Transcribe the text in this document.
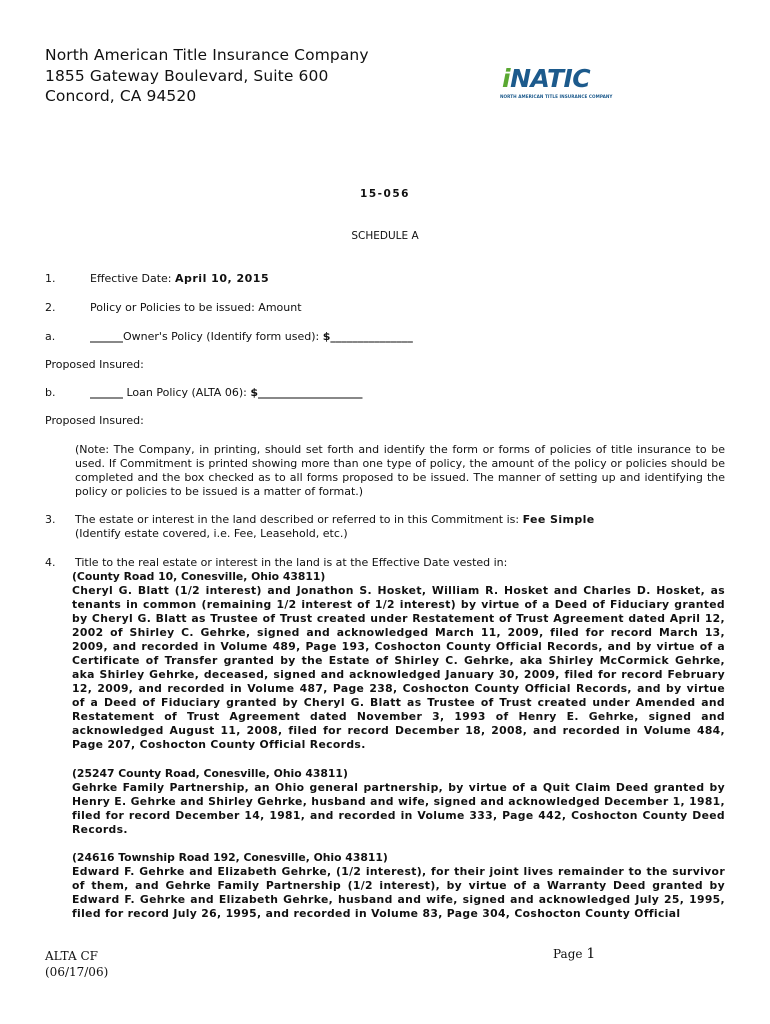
North American Title Insurance Company
1855 Gateway Boulevard, Suite 600
Concord, CA 94520
iNATIC
NORTH AMERICAN TITLE INSURANCE COMPANY
15-056
SCHEDULE A
1.	Effective Date: April 10, 2015
2.	Policy or Policies to be issued: Amount
a.	______Owner's Policy (Identify form used): $_______________
Proposed Insured:
b.	______ Loan Policy (ALTA 06): $___________________
Proposed Insured:

(Note: The Company, in printing, should set forth and identify the form or forms of policies of title insurance to be used. If Commitment is printed showing more than one type of policy, the amount of the policy or policies should be completed and the box checked as to all forms proposed to be issued. The manner of setting up and identifying the policy or policies to be issued is a matter of format.)

3. The estate or interest in the land described or referred to in this Commitment is: Fee Simple
(Identify estate covered, i.e. Fee, Leasehold, etc.)
4. Title to the real estate or interest in the land is at the Effective Date vested in:
(County Road 10, Conesville, Ohio 43811)
Cheryl G. Blatt (1/2 interest) and Jonathon S. Hosket, William R. Hosket and Charles D. Hosket, as tenants in common (remaining 1/2 interest of 1/2 interest) by virtue of a Deed of Fiduciary granted by Cheryl G. Blatt as Trustee of Trust created under Restatement of Trust Agreement dated April 12, 2002 of Shirley C. Gehrke, signed and acknowledged March 11, 2009, filed for record March 13, 2009, and recorded in Volume 489, Page 193, Coshocton County Official Records, and by virtue of a Certificate of Transfer granted by the Estate of Shirley C. Gehrke, aka Shirley McCormick Gehrke, aka Shirley Gehrke, deceased, signed and acknowledged January 30, 2009, filed for record February 12, 2009, and recorded in Volume 487, Page 238, Coshocton County Official Records, and by virtue of a Deed of Fiduciary granted by Cheryl G. Blatt as Trustee of Trust created under Amended and Restatement of Trust Agreement dated November 3, 1993 of Henry E. Gehrke, signed and acknowledged August 11, 2008, filed for record December 18, 2008, and recorded in Volume 484, Page 207, Coshocton County Official Records.
(25247 County Road, Conesville, Ohio 43811)
Gehrke Family Partnership, an Ohio general partnership, by virtue of a Quit Claim Deed granted by Henry E. Gehrke and Shirley Gehrke, husband and wife, signed and acknowledged December 1, 1981, filed for record December 14, 1981, and recorded in Volume 333, Page 442, Coshocton County Deed Records.
(24616 Township Road 192, Conesville, Ohio 43811)
Edward F. Gehrke and Elizabeth Gehrke, (1/2 interest), for their joint lives remainder to the survivor of them, and Gehrke Family Partnership (1/2 interest), by virtue of a Warranty Deed granted by Edward F. Gehrke and Elizabeth Gehrke, husband and wife, signed and acknowledged July 25, 1995, filed for record July 26, 1995, and recorded in Volume 83, Page 304, Coshocton County Official
ALTA CF
(06/17/06)
Page 1
